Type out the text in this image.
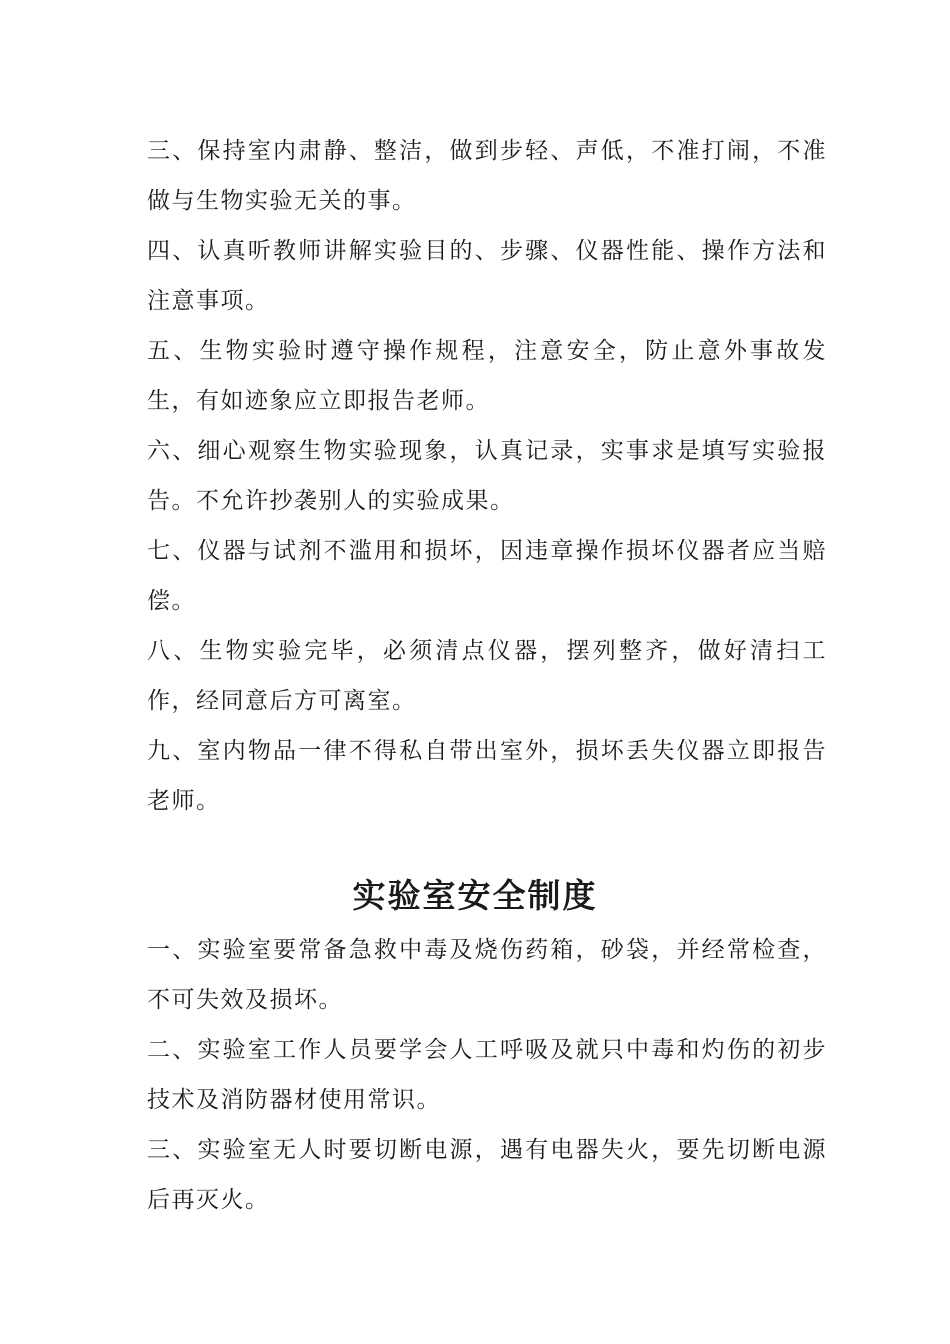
三、保持室内肃静、整洁，做到步轻、声低，不准打闹，不准做与生物实验无关的事。

四、认真听教师讲解实验目的、步骤、仪器性能、操作方法和注意事项。

五、生物实验时遵守操作规程，注意安全，防止意外事故发生，有如迹象应立即报告老师。

六、细心观察生物实验现象，认真记录，实事求是填写实验报告。不允许抄袭别人的实验成果。

七、仪器与试剂不滥用和损坏，因违章操作损坏仪器者应当赔偿。

八、生物实验完毕，必须清点仪器，摆列整齐，做好清扫工作，经同意后方可离室。

九、室内物品一律不得私自带出室外，损坏丢失仪器立即报告老师。

实验室安全制度

一、实验室要常备急救中毒及烧伤药箱，砂袋，并经常检查，不可失效及损坏。

二、实验室工作人员要学会人工呼吸及就只中毒和灼伤的初步技术及消防器材使用常识。

三、实验室无人时要切断电源，遇有电器失火，要先切断电源后再灭火。
